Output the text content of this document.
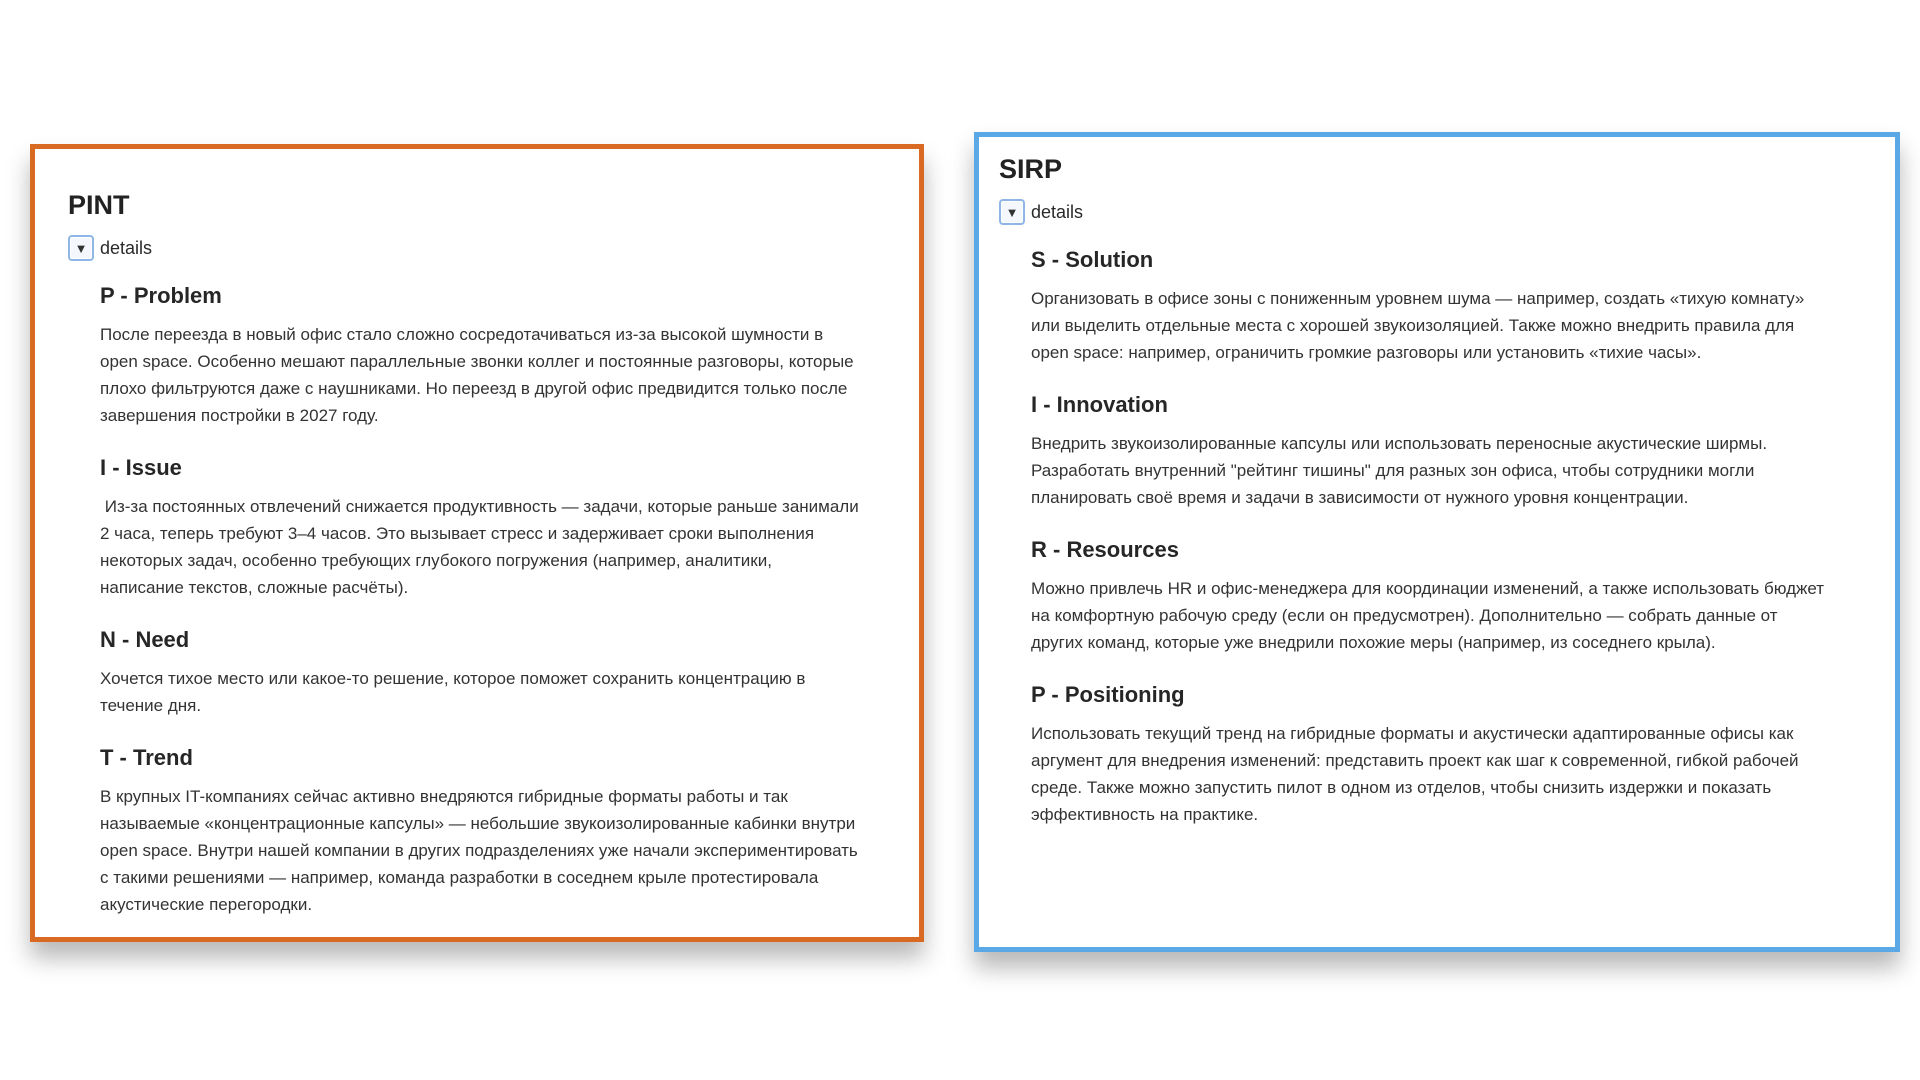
PINT
▼ details
P - Problem

После переезда в новый офис стало сложно сосредотачиваться из-за высокой шумности в open space. Особенно мешают параллельные звонки коллег и постоянные разговоры, которые плохо фильтруются даже с наушниками. Но переезд в другой офис предвидится только после завершения постройки в 2027 году.

I - Issue

Из-за постоянных отвлечений снижается продуктивность — задачи, которые раньше занимали 2 часа, теперь требуют 3–4 часов. Это вызывает стресс и задерживает сроки выполнения некоторых задач, особенно требующих глубокого погружения (например, аналитики, написание текстов, сложные расчёты).

N - Need

Хочется тихое место или какое-то решение, которое поможет сохранить концентрацию в течение дня.

T - Trend

В крупных IT-компаниях сейчас активно внедряются гибридные форматы работы и так называемые «концентрационные капсулы» — небольшие звукоизолированные кабинки внутри open space. Внутри нашей компании в других подразделениях уже начали экспериментировать с такими решениями — например, команда разработки в соседнем крыле протестировала акустические перегородки.

SIRP
▼ details
S - Solution

Организовать в офисе зоны с пониженным уровнем шума — например, создать «тихую комнату» или выделить отдельные места с хорошей звукоизоляцией. Также можно внедрить правила для open space: например, ограничить громкие разговоры или установить «тихие часы».

I - Innovation

Внедрить звукоизолированные капсулы или использовать переносные акустические ширмы. Разработать внутренний "рейтинг тишины" для разных зон офиса, чтобы сотрудники могли планировать своё время и задачи в зависимости от нужного уровня концентрации.

R - Resources

Можно привлечь HR и офис-менеджера для координации изменений, а также использовать бюджет на комфортную рабочую среду (если он предусмотрен). Дополнительно — собрать данные от других команд, которые уже внедрили похожие меры (например, из соседнего крыла).

P - Positioning

Использовать текущий тренд на гибридные форматы и акустически адаптированные офисы как аргумент для внедрения изменений: представить проект как шаг к современной, гибкой рабочей среде. Также можно запустить пилот в одном из отделов, чтобы снизить издержки и показать эффективность на практике.
